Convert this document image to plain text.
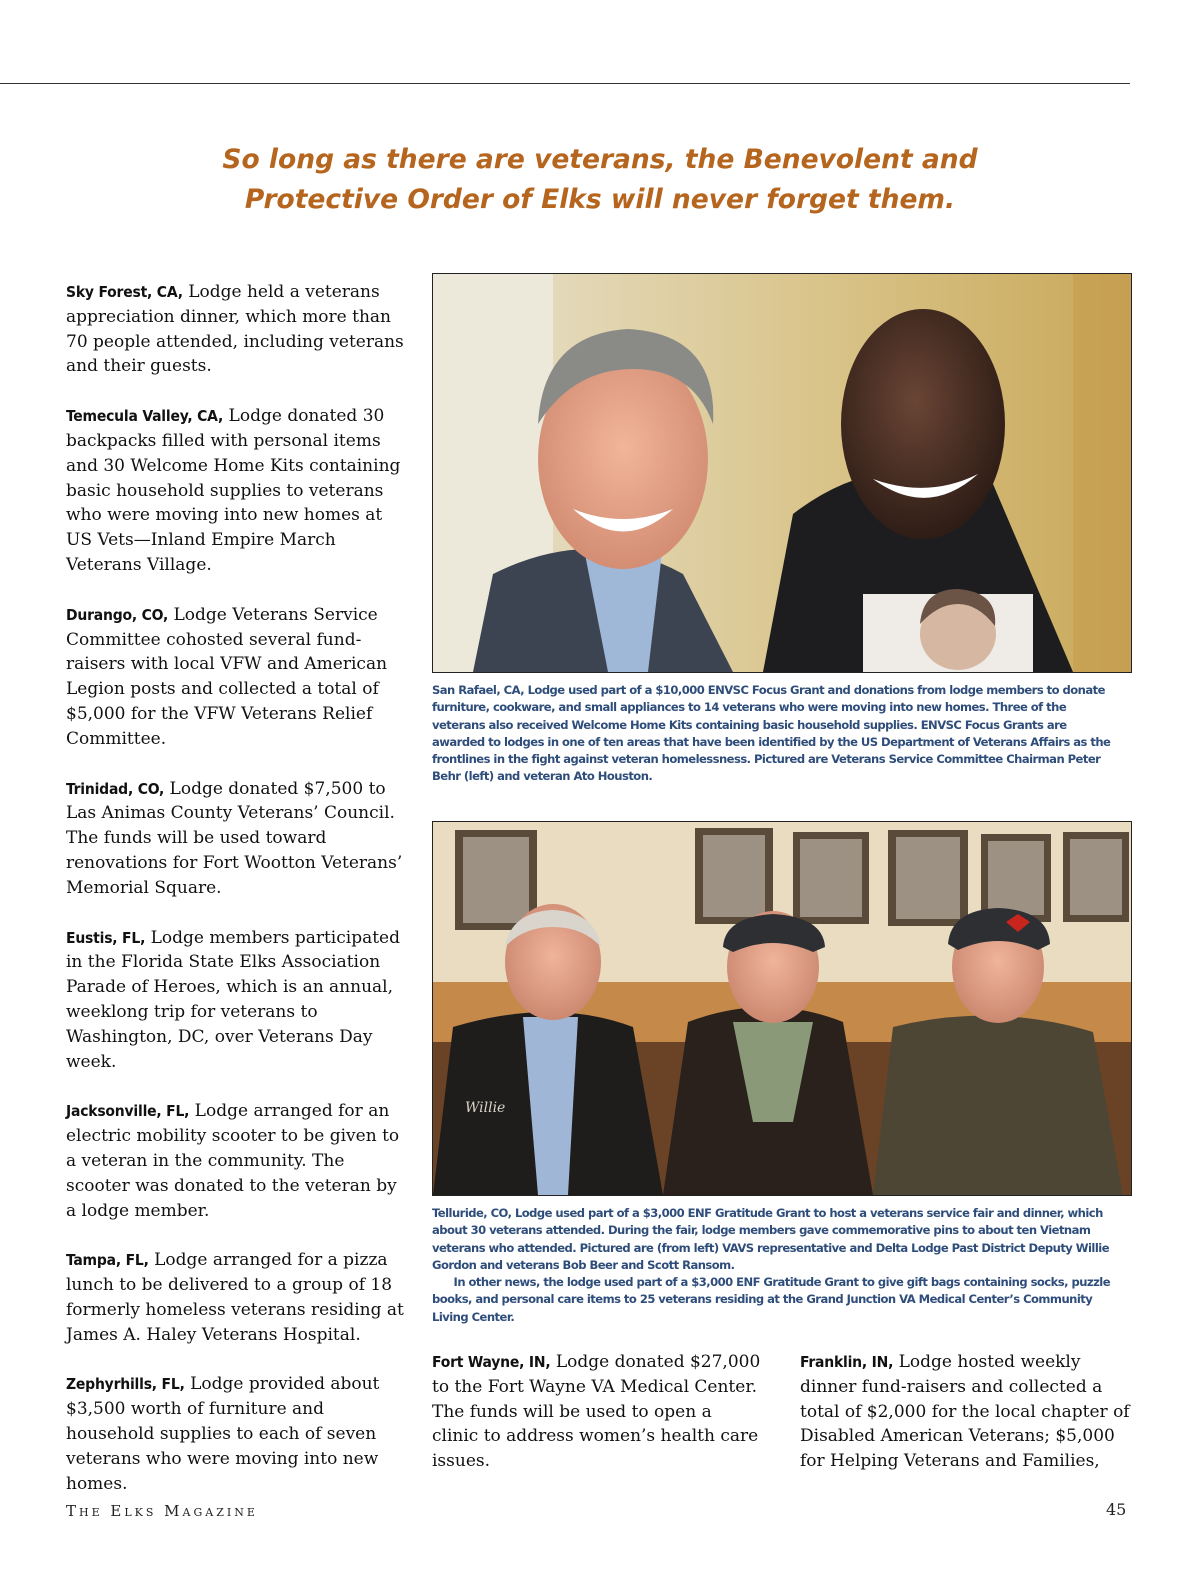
So long as there are veterans, the Benevolent and
Protective Order of Elks will never forget them.

Sky Forest, CA, Lodge held a veterans appreciation dinner, which more than 70 people attended, including veterans and their guests.

Temecula Valley, CA, Lodge donated 30 backpacks filled with personal items and 30 Welcome Home Kits containing basic household supplies to veterans who were moving into new homes at US Vets—Inland Empire March Veterans Village.

Durango, CO, Lodge Veterans Service Committee cohosted several fund-raisers with local VFW and American Legion posts and collected a total of $5,000 for the VFW Veterans Relief Committee.

Trinidad, CO, Lodge donated $7,500 to Las Animas County Veterans’ Council. The funds will be used toward renovations for Fort Wootton Veterans’ Memorial Square.

Eustis, FL, Lodge members participated in the Florida State Elks Association Parade of Heroes, which is an annual, weeklong trip for veterans to Washington, DC, over Veterans Day week.

Jacksonville, FL, Lodge arranged for an electric mobility scooter to be given to a veteran in the community. The scooter was donated to the veteran by a lodge member.

Tampa, FL, Lodge arranged for a pizza lunch to be delivered to a group of 18 formerly homeless veterans residing at James A. Haley Veterans Hospital.

Zephyrhills, FL, Lodge provided about $3,500 worth of furniture and household supplies to each of seven veterans who were moving into new homes.

San Rafael, CA, Lodge used part of a $10,000 ENVSC Focus Grant and donations from lodge members to donate furniture, cookware, and small appliances to 14 veterans who were moving into new homes. Three of the veterans also received Welcome Home Kits containing basic household supplies. ENVSC Focus Grants are awarded to lodges in one of ten areas that have been identified by the US Department of Veterans Affairs as the frontlines in the fight against veteran homelessness. Pictured are Veterans Service Committee Chairman Peter Behr (left) and veteran Ato Houston.

Willie

Telluride, CO, Lodge used part of a $3,000 ENF Gratitude Grant to host a veterans service fair and dinner, which about 30 veterans attended. During the fair, lodge members gave commemorative pins to about ten Vietnam veterans who attended. Pictured are (from left) VAVS representative and Delta Lodge Past District Deputy Willie Gordon and veterans Bob Beer and Scott Ransom.
In other news, the lodge used part of a $3,000 ENF Gratitude Grant to give gift bags containing socks, puzzle books, and personal care items to 25 veterans residing at the Grand Junction VA Medical Center’s Community Living Center.

Fort Wayne, IN, Lodge donated $27,000 to the Fort Wayne VA Medical Center. The funds will be used to open a clinic to address women’s health care issues.

Franklin, IN, Lodge hosted weekly dinner fund-raisers and collected a total of $2,000 for the local chapter of Disabled American Veterans; $5,000 for Helping Veterans and Families,

The Elks Magazine	45
